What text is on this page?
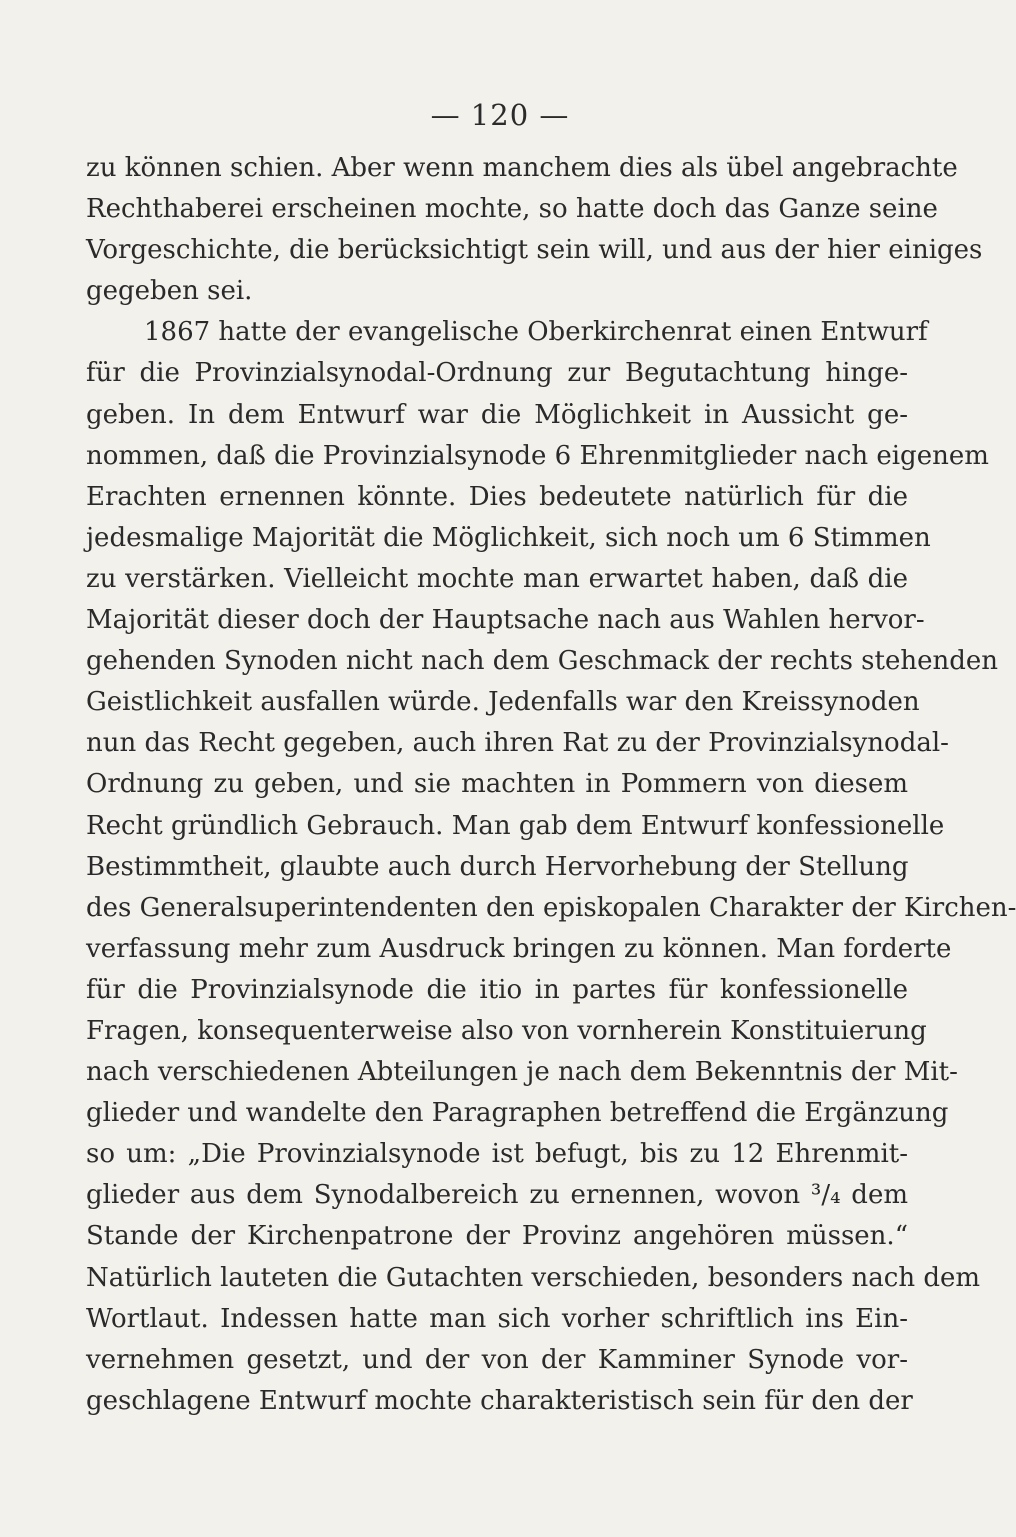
— 120 —
zu können schien. Aber wenn manchem dies als übel angebrachte
Rechthaberei erscheinen mochte, so hatte doch das Ganze seine
Vorgeschichte, die berücksichtigt sein will, und aus der hier einiges
gegeben sei.
1867 hatte der evangelische Oberkirchenrat einen Entwurf
für die Provinzialsynodal-Ordnung zur Begutachtung hinge-
geben. In dem Entwurf war die Möglichkeit in Aussicht ge-
nommen, daß die Provinzialsynode 6 Ehrenmitglieder nach eigenem
Erachten ernennen könnte. Dies bedeutete natürlich für die
jedesmalige Majorität die Möglichkeit, sich noch um 6 Stimmen
zu verstärken. Vielleicht mochte man erwartet haben, daß die
Majorität dieser doch der Hauptsache nach aus Wahlen hervor-
gehenden Synoden nicht nach dem Geschmack der rechts stehenden
Geistlichkeit ausfallen würde. Jedenfalls war den Kreissynoden
nun das Recht gegeben, auch ihren Rat zu der Provinzialsynodal-
Ordnung zu geben, und sie machten in Pommern von diesem
Recht gründlich Gebrauch. Man gab dem Entwurf konfessionelle
Bestimmtheit, glaubte auch durch Hervorhebung der Stellung
des Generalsuperintendenten den episkopalen Charakter der Kirchen-
verfassung mehr zum Ausdruck bringen zu können. Man forderte
für die Provinzialsynode die itio in partes für konfessionelle
Fragen, konsequenterweise also von vornherein Konstituierung
nach verschiedenen Abteilungen je nach dem Bekenntnis der Mit-
glieder und wandelte den Paragraphen betreffend die Ergänzung
so um: „Die Provinzialsynode ist befugt, bis zu 12 Ehrenmit-
glieder aus dem Synodalbereich zu ernennen, wovon ³/₄ dem
Stande der Kirchenpatrone der Provinz angehören müssen.“
Natürlich lauteten die Gutachten verschieden, besonders nach dem
Wortlaut. Indessen hatte man sich vorher schriftlich ins Ein-
vernehmen gesetzt, und der von der Kamminer Synode vor-
geschlagene Entwurf mochte charakteristisch sein für den der
